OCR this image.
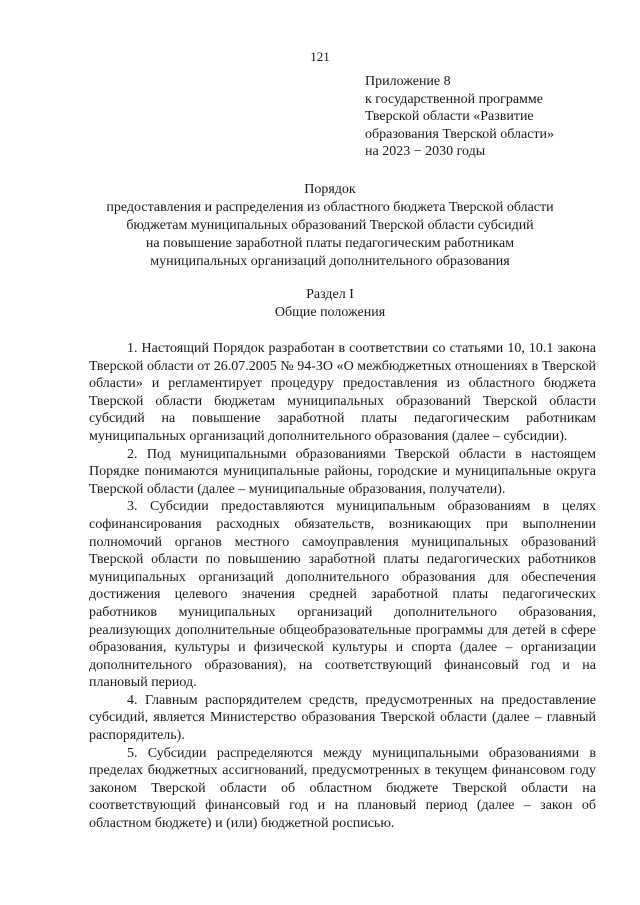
121
Приложение 8
к государственной программе
Тверской области «Развитие
образования Тверской области»
на 2023 − 2030 годы
Порядок
предоставления и распределения из областного бюджета Тверской области
бюджетам муниципальных образований Тверской области субсидий
на повышение заработной платы педагогическим работникам
муниципальных организаций дополнительного образования
Раздел I
Общие положения

1. Настоящий Порядок разработан в соответствии со статьями 10, 10.1 закона Тверской области от 26.07.2005 № 94-ЗО «О межбюджетных отношениях в Тверской области» и регламентирует процедуру предоставления из областного бюджета Тверской области бюджетам муниципальных образований Тверской области субсидий на повышение заработной платы педагогическим работникам муниципальных организаций дополнительного образования (далее – субсидии).

2. Под муниципальными образованиями Тверской области в настоящем Порядке понимаются муниципальные районы, городские и муниципальные округа Тверской области (далее – муниципальные образования, получатели).

3. Субсидии предоставляются муниципальным образованиям в целях софинансирования расходных обязательств, возникающих при выполнении полномочий органов местного самоуправления муниципальных образований Тверской области по повышению заработной платы педагогических работников муниципальных организаций дополнительного образования для обеспечения достижения целевого значения средней заработной платы педагогических работников муниципальных организаций дополнительного образования, реализующих дополнительные общеобразовательные программы для детей в сфере образования, культуры и физической культуры и спорта (далее – организации дополнительного образования), на соответствующий финансовый год и на плановый период.

4. Главным распорядителем средств, предусмотренных на предоставление субсидий, является Министерство образования Тверской области (далее – главный распорядитель).

5. Субсидии распределяются между муниципальными образованиями в пределах бюджетных ассигнований, предусмотренных в текущем финансовом году законом Тверской области об областном бюджете Тверской области на соответствующий финансовый год и на плановый период (далее – закон об областном бюджете) и (или) бюджетной росписью.
